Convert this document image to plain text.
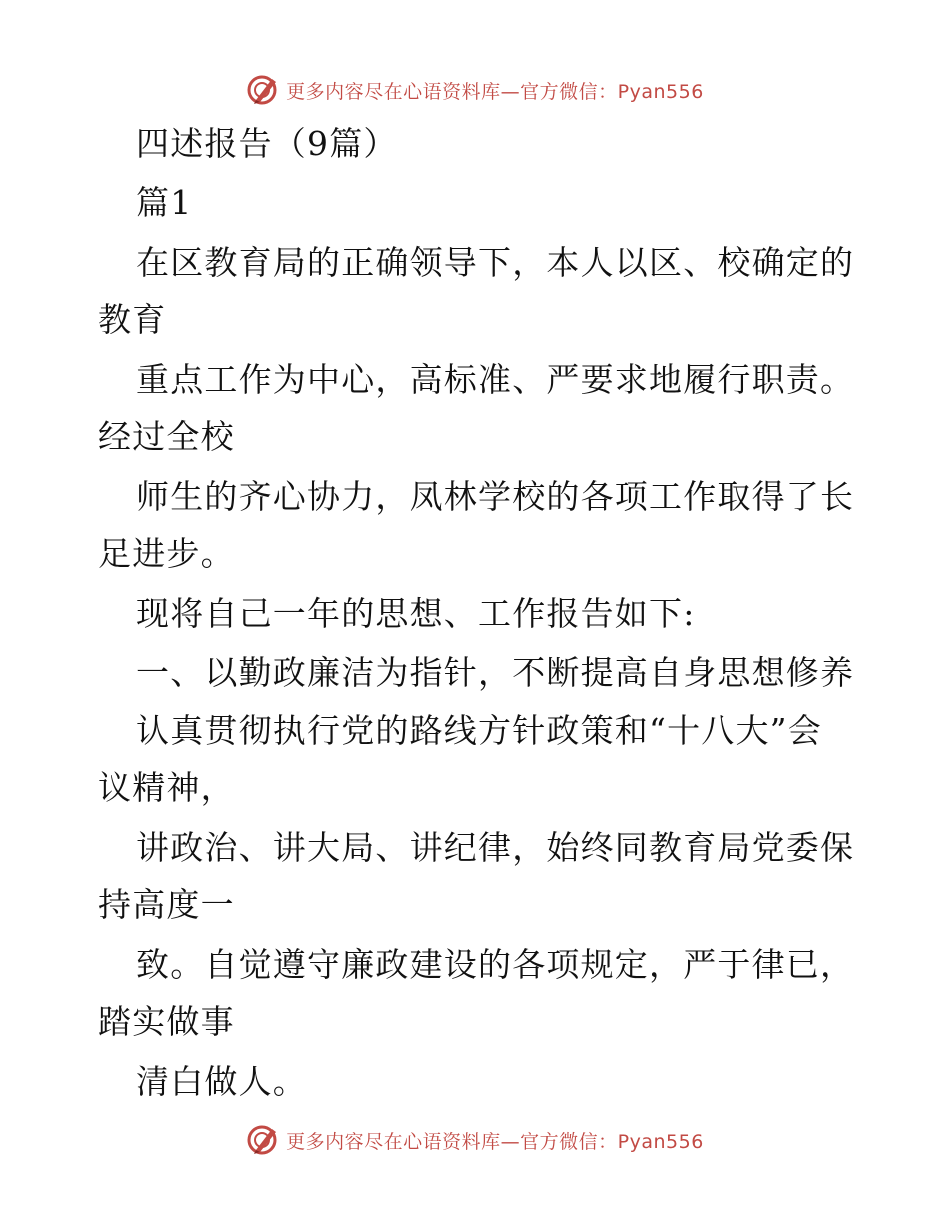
更多内容尽在心语资料库—官方微信：Pyan556
四述报告（9篇）
篇1
在区教育局的正确领导下，本人以区、校确定的
教育
重点工作为中心，高标准、严要求地履行职责。
经过全校
师生的齐心协力，凤林学校的各项工作取得了长
足进步。
现将自己一年的思想、工作报告如下:
一、以勤政廉洁为指针，不断提高自身思想修养
认真贯彻执行党的路线方针政策和“十八大”会
议精神，
讲政治、讲大局、讲纪律，始终同教育局党委保
持高度一
致。自觉遵守廉政建设的各项规定，严于律已，
踏实做事
清白做人。
更多内容尽在心语资料库—官方微信：Pyan556
